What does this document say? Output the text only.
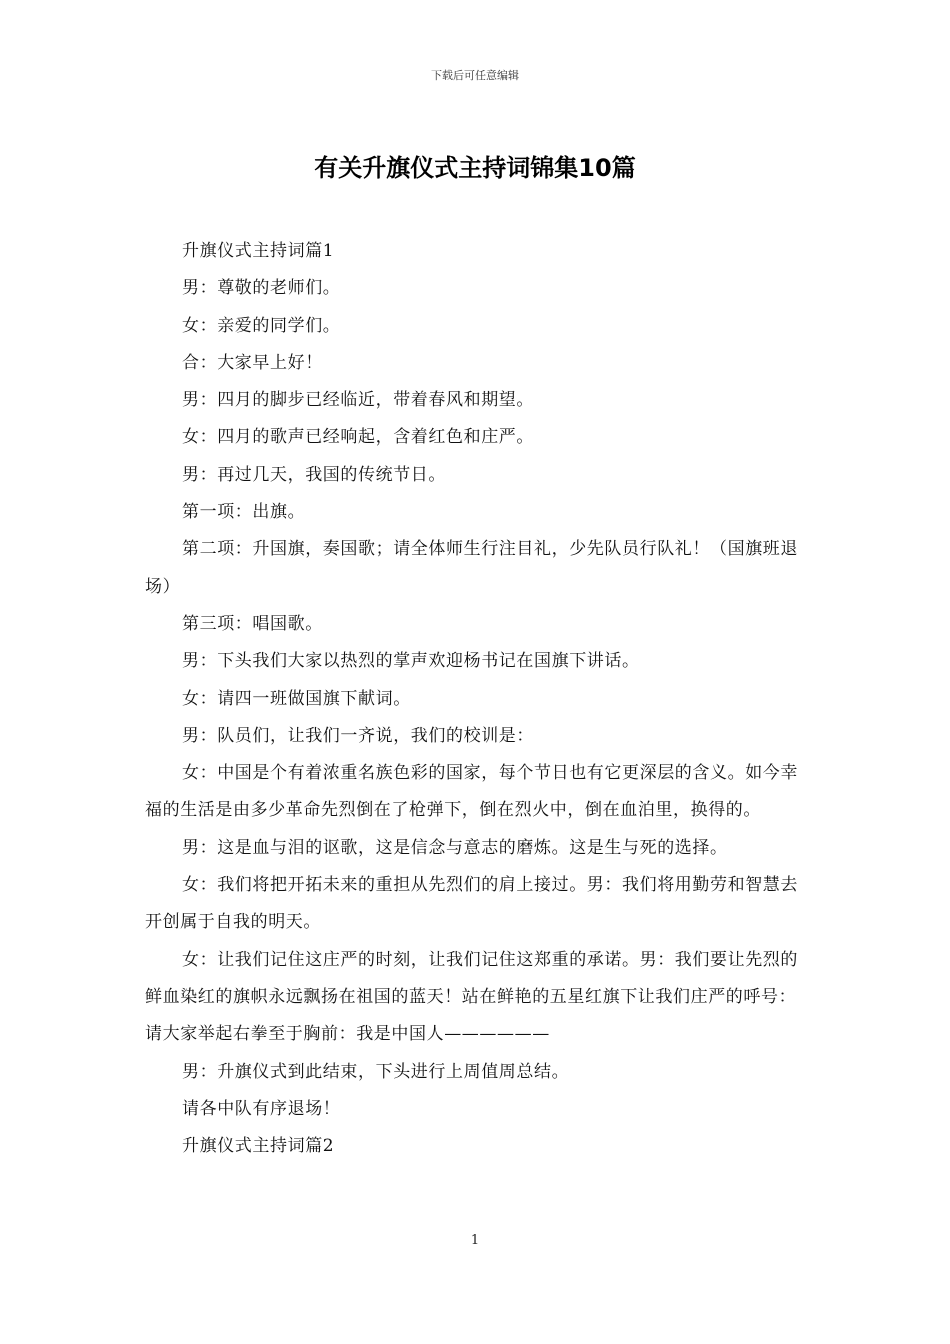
下载后可任意编辑
有关升旗仪式主持词锦集10篇

升旗仪式主持词篇1

男：尊敬的老师们。

女：亲爱的同学们。

合：大家早上好！

男：四月的脚步已经临近，带着春风和期望。

女：四月的歌声已经响起，含着红色和庄严。

男：再过几天，我国的传统节日。

第一项：出旗。

第二项：升国旗，奏国歌；请全体师生行注目礼，少先队员行队礼！（国旗班退场）

第三项：唱国歌。

男：下头我们大家以热烈的掌声欢迎杨书记在国旗下讲话。

女：请四一班做国旗下献词。

男：队员们，让我们一齐说，我们的校训是：

女：中国是个有着浓重名族色彩的国家，每个节日也有它更深层的含义。如今幸福的生活是由多少革命先烈倒在了枪弹下，倒在烈火中，倒在血泊里，换得的。

男：这是血与泪的讴歌，这是信念与意志的磨炼。这是生与死的选择。

女：我们将把开拓未来的重担从先烈们的肩上接过。男：我们将用勤劳和智慧去开创属于自我的明天。

女：让我们记住这庄严的时刻，让我们记住这郑重的承诺。男：我们要让先烈的鲜血染红的旗帜永远飘扬在祖国的蓝天！站在鲜艳的五星红旗下让我们庄严的呼号：请大家举起右拳至于胸前：我是中国人——————

男：升旗仪式到此结束，下头进行上周值周总结。

请各中队有序退场！

升旗仪式主持词篇2

1
